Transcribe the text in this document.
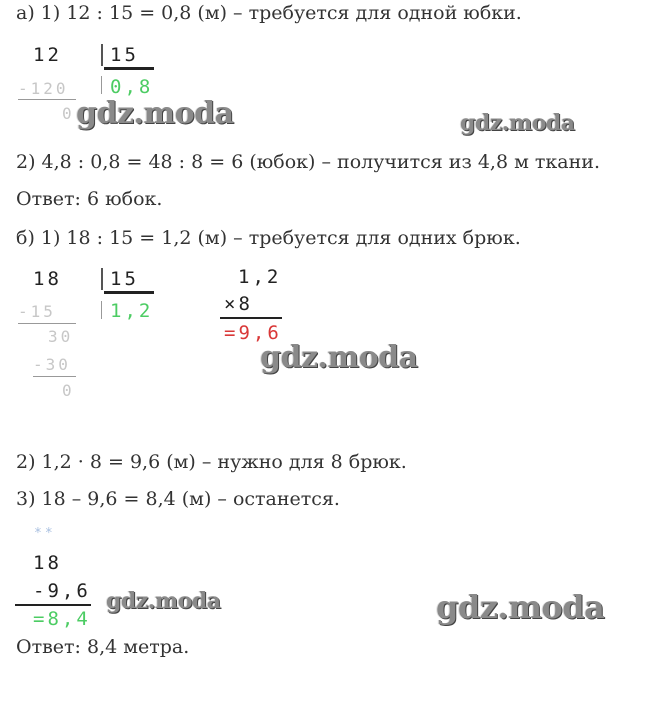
а) 1) 12 : 15 = 0,8 (м) – требуется для одной юбки.
12	15
-120 0,8
0 gdz.moda	gdz.moda
2) 4,8 : 0,8 = 48 : 8 = 6 (юбок) – получится из 4,8 м ткани.
Ответ: 6 юбок.
б) 1) 18 : 15 = 1,2 (м) – требуется для одних брюк.
18	15
-15	1,2
30
-30
0
1,2
×8
=9,6
gdz.moda
2) 1,2 · 8 = 9,6 (м) – нужно для 8 брюк.
3) 18 – 9,6 = 8,4 (м) – останется.
**
18
-9,6
=8,4
gdz.moda	gdz.moda
Ответ: 8,4 метра.
